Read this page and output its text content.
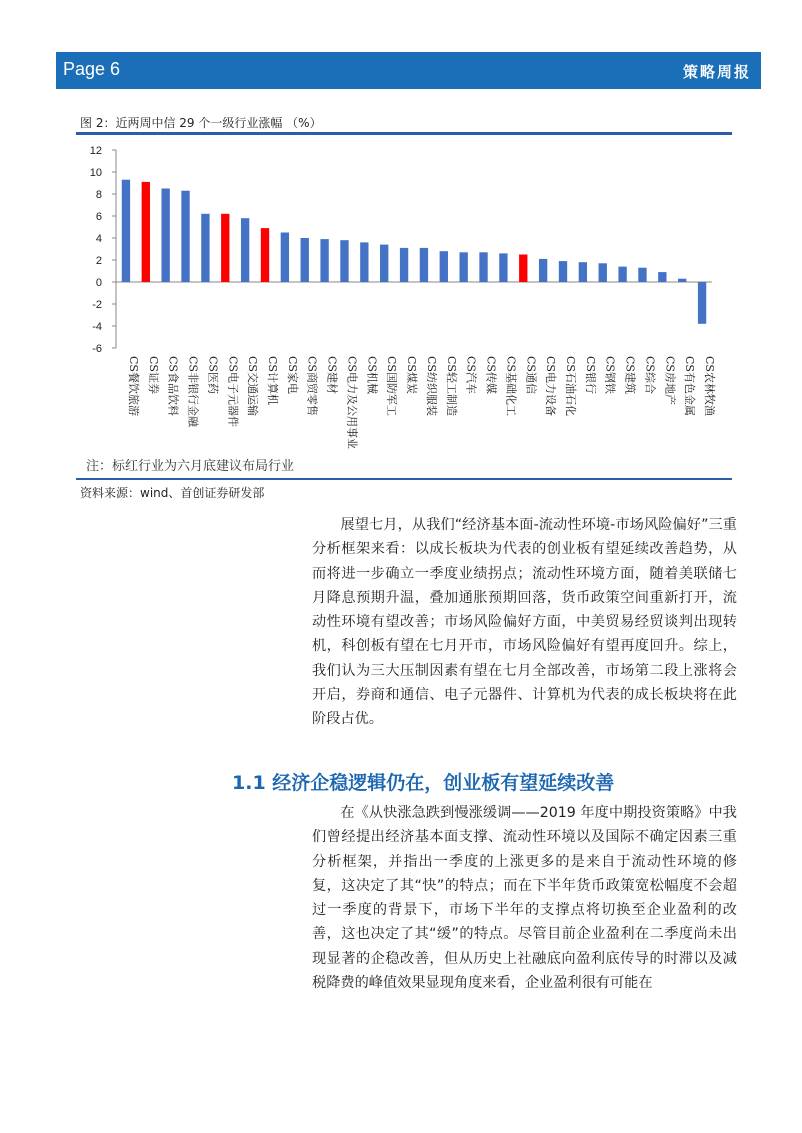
Page 6	策略周报
图 2：近两周中信 29 个一级行业涨幅 （%）
12
10
8
6
4
2
0
-2
-4
-6
CS餐饮旅游 CS证券 CS食品饮料 CS非银行金融 CS医药 CS电子元器件 CS交通运输 CS计算机 CS家电 CS商贸零售 CS建材 CS电力及公用事业 CS机械 CS国防军工 CS煤炭 CS纺织服装 CS轻工制造 CS汽车 CS传媒 CS基础化工 CS通信 CS电力设备 CS石油石化 CS银行 CS钢铁 CS建筑 CS综合 CS房地产 CS有色金属 CS农林牧渔
注：标红行业为六月底建议布局行业
资料来源：wind、首创证券研发部

展望七月，从我们“经济基本面-流动性环境-市场风险偏好”三重分析框架来看：以成长板块为代表的创业板有望延续改善趋势，从而将进一步确立一季度业绩拐点；流动性环境方面，随着美联储七月降息预期升温，叠加通胀预期回落，货币政策空间重新打开，流动性环境有望改善；市场风险偏好方面，中美贸易经贸谈判出现转机，科创板有望在七月开市，市场风险偏好有望再度回升。综上，我们认为三大压制因素有望在七月全部改善，市场第二段上涨将会开启，券商和通信、电子元器件、计算机为代表的成长板块将在此阶段占优。

1.1 经济企稳逻辑仍在，创业板有望延续改善

在《从快涨急跌到慢涨缓调——2019 年度中期投资策略》中我们曾经提出经济基本面支撑、流动性环境以及国际不确定因素三重分析框架，并指出一季度的上涨更多的是来自于流动性环境的修复，这决定了其“快”的特点；而在下半年货币政策宽松幅度不会超过一季度的背景下，市场下半年的支撑点将切换至企业盈利的改善，这也决定了其“缓”的特点。尽管目前企业盈利在二季度尚未出现显著的企稳改善，但从历史上社融底向盈利底传导的时滞以及减税降费的峰值效果显现角度来看，企业盈利很有可能在
